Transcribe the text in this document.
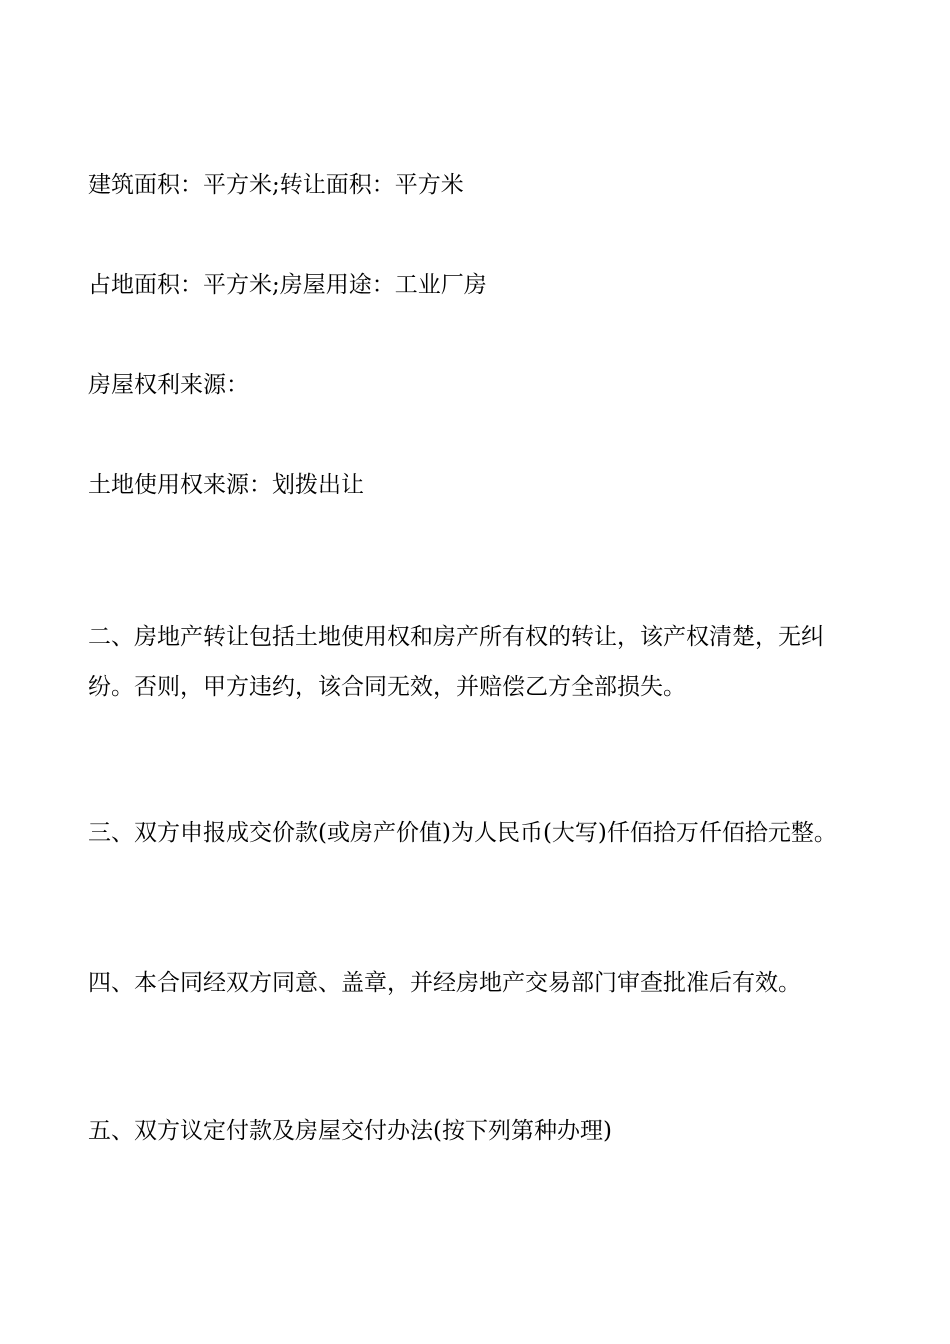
建筑面积：平方米;转让面积：平方米
占地面积：平方米;房屋用途：工业厂房
房屋权利来源：
土地使用权来源：划拨出让
二、房地产转让包括土地使用权和房产所有权的转让，该产权清楚，无纠纷。否则，甲方违约，该合同无效，并赔偿乙方全部损失。
三、双方申报成交价款(或房产价值)为人民币(大写)仟佰拾万仟佰拾元整。
四、本合同经双方同意、盖章，并经房地产交易部门审查批准后有效。
五、双方议定付款及房屋交付办法(按下列第种办理)
